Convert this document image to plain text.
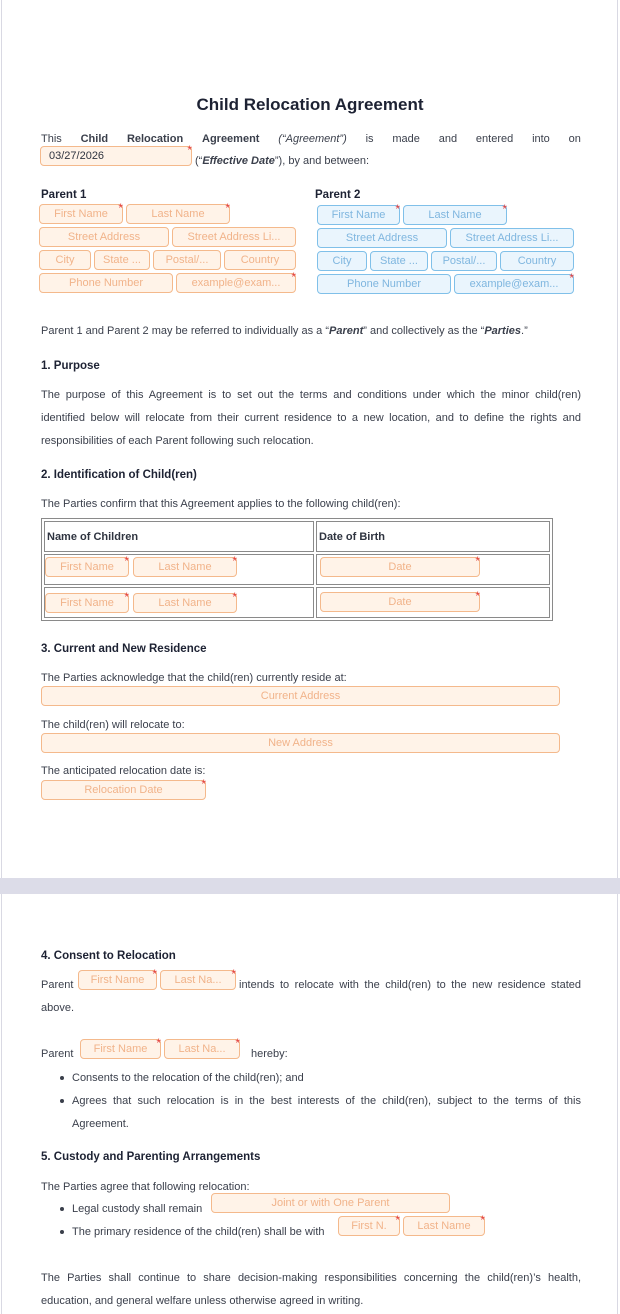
Child Relocation Agreement
This Child Relocation Agreement (“Agreement”) is made and entered into on
03/27/2026 *	(“Effective Date”), by and between:
Parent 1
First Name *	Last Name *
Street Address	Street Address Li...
City	State ...	Postal/...	Country
Phone Number	example@exam... *
Parent 2
First Name *	Last Name *
Street Address	Street Address Li...
City	State ...	Postal/...	Country
Phone Number	example@exam... *
Parent 1 and Parent 2 may be referred to individually as a “Parent” and collectively as the “Parties.”
1. Purpose
The purpose of this Agreement is to set out the terms and conditions under which the minor child(ren)
identified below will relocate from their current residence to a new location, and to define the rights and
responsibilities of each Parent following such relocation.
2. Identification of Child(ren)
The Parties confirm that this Agreement applies to the following child(ren):
Name of Children	Date of Birth

First Name *	Last Name *	Date *
First Name *	Last Name *	Date *
3. Current and New Residence
The Parties acknowledge that the child(ren) currently reside at:
Current Address
The child(ren) will relocate to:
New Address
The anticipated relocation date is:
Relocation Date *
4. Consent to Relocation
Parent	First Name *	Last Na... *	intends to relocate with the child(ren) to the new residence stated
above.
Parent	First Name *	Last Na... *	hereby:
Consents to the relocation of the child(ren); and
Agrees that such relocation is in the best interests of the child(ren), subject to the terms of this
Agreement.
5. Custody and Parenting Arrangements
The Parties agree that following relocation:
Legal custody shall remain
The primary residence of the child(ren) shall be with
Joint or with One Parent
First N. *	Last Name *
The Parties shall continue to share decision-making responsibilities concerning the child(ren)’s health,
education, and general welfare unless otherwise agreed in writing.
